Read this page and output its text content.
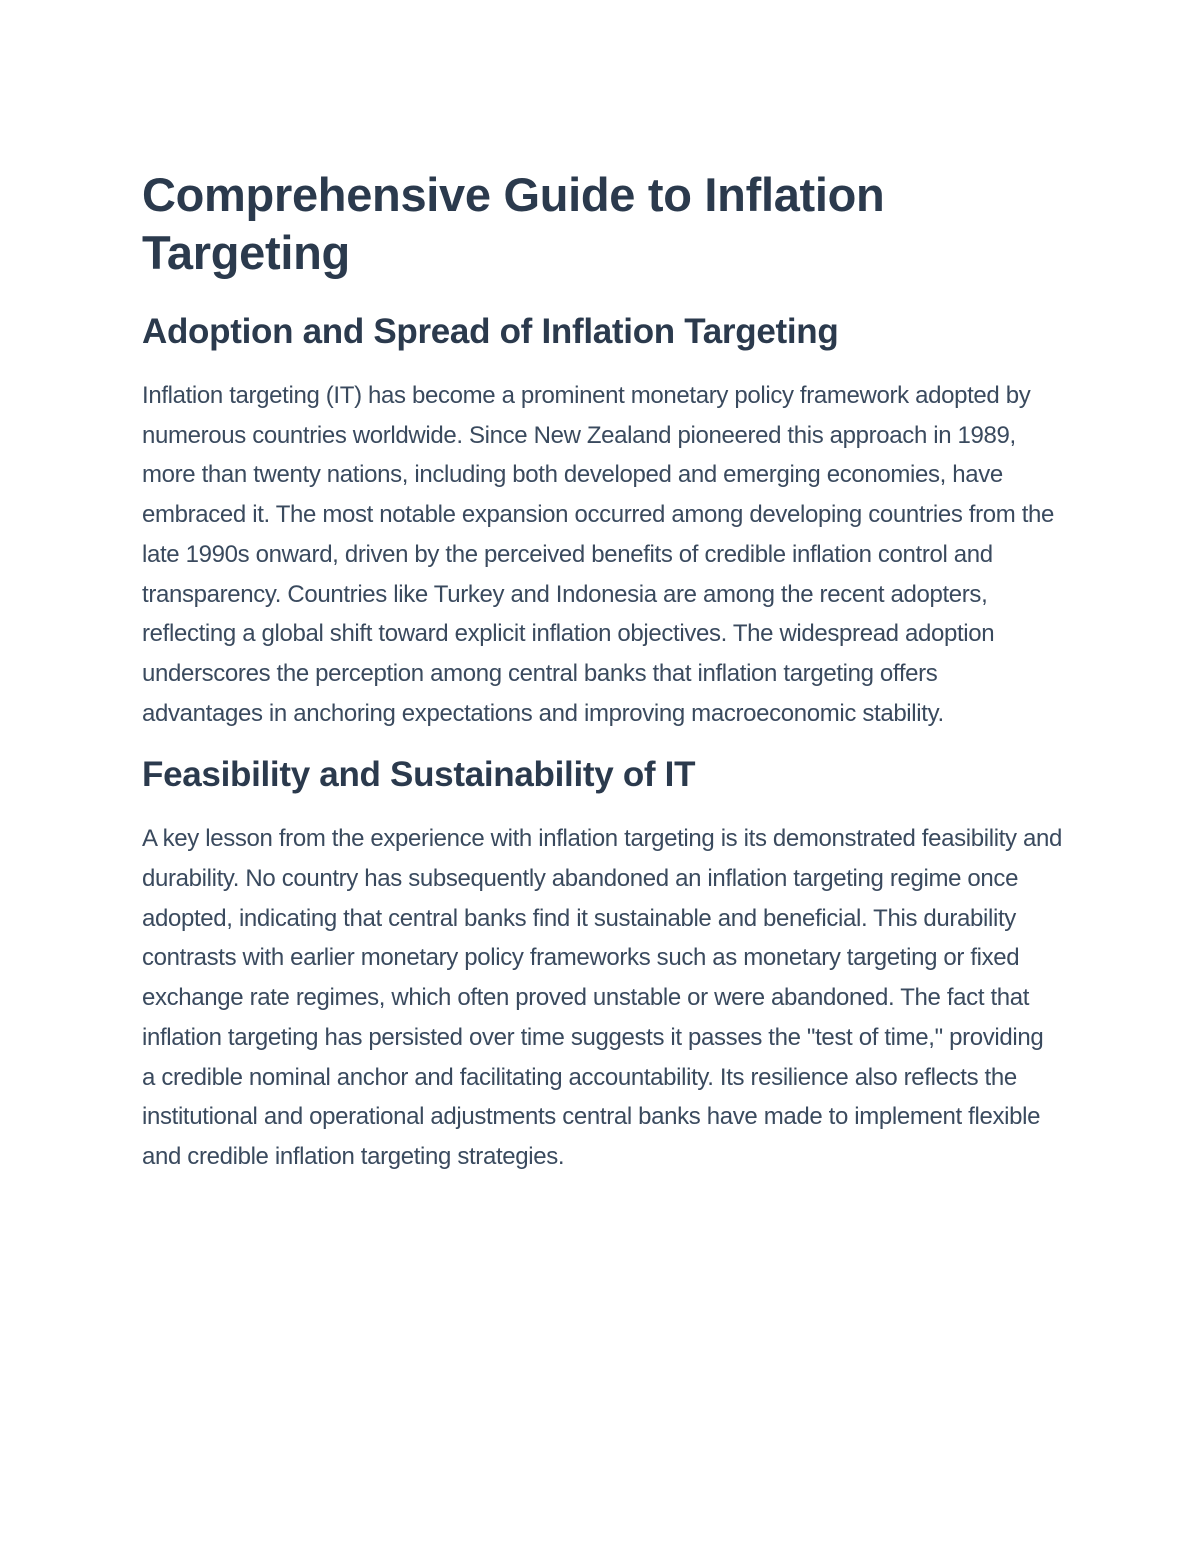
Comprehensive Guide to Inflation Targeting
Adoption and Spread of Inflation Targeting

Inflation targeting (IT) has become a prominent monetary policy framework adopted by numerous countries worldwide. Since New Zealand pioneered this approach in 1989, more than twenty nations, including both developed and emerging economies, have embraced it. The most notable expansion occurred among developing countries from the late 1990s onward, driven by the perceived benefits of credible inflation control and transparency. Countries like Turkey and Indonesia are among the recent adopters, reflecting a global shift toward explicit inflation objectives. The widespread adoption underscores the perception among central banks that inflation targeting offers advantages in anchoring expectations and improving macroeconomic stability.

Feasibility and Sustainability of IT

A key lesson from the experience with inflation targeting is its demonstrated feasibility and durability. No country has subsequently abandoned an inflation targeting regime once adopted, indicating that central banks find it sustainable and beneficial. This durability contrasts with earlier monetary policy frameworks such as monetary targeting or fixed exchange rate regimes, which often proved unstable or were abandoned. The fact that inflation targeting has persisted over time suggests it passes the "test of time," providing a credible nominal anchor and facilitating accountability. Its resilience also reflects the institutional and operational adjustments central banks have made to implement flexible and credible inflation targeting strategies.
